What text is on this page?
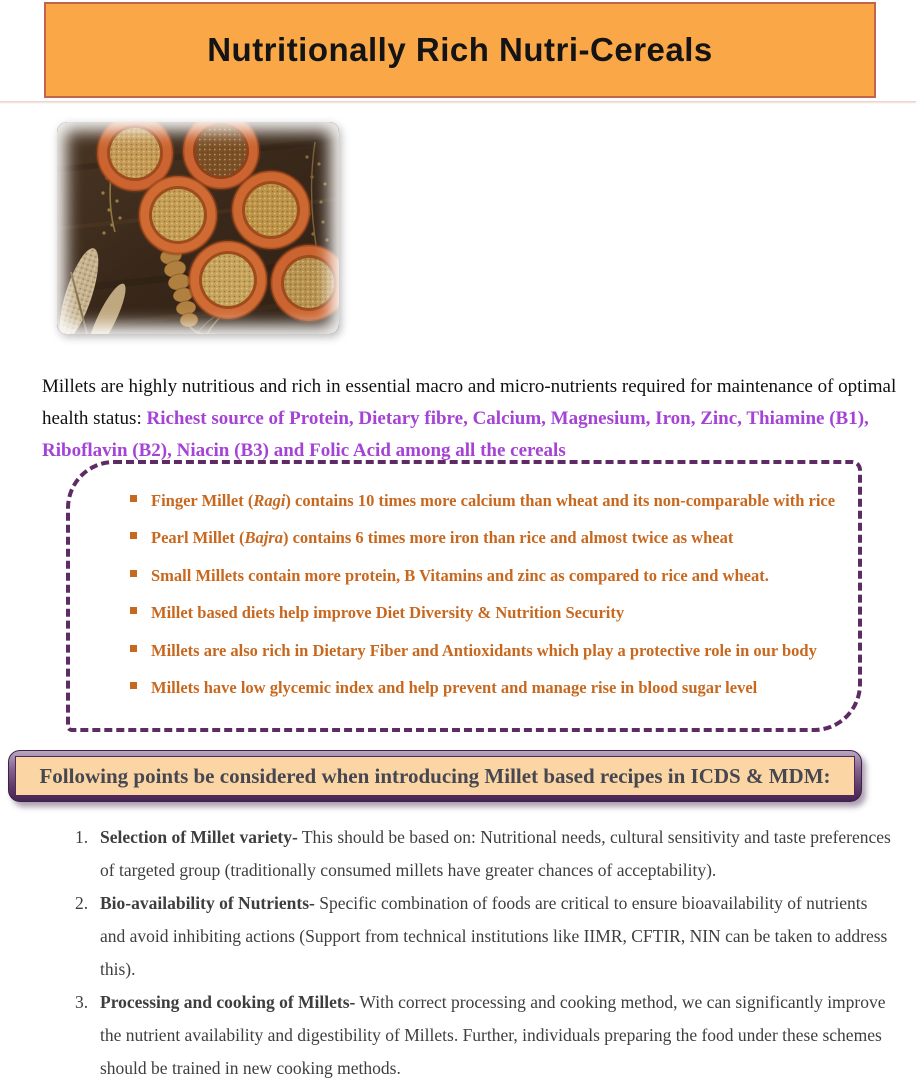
Nutritionally Rich Nutri-Cereals

Millets are highly nutritious and rich in essential macro and micro-nutrients required for maintenance of optimal health status: Richest source of Protein, Dietary fibre, Calcium, Magnesium, Iron, Zinc, Thiamine (B1), Riboflavin (B2), Niacin (B3) and Folic Acid among all the cereals

Finger Millet (Ragi) contains 10 times more calcium than wheat and its non-comparable with rice
Pearl Millet (Bajra) contains 6 times more iron than rice and almost twice as wheat
Small Millets contain more protein, B Vitamins and zinc as compared to rice and wheat.
Millet based diets help improve Diet Diversity & Nutrition Security
Millets are also rich in Dietary Fiber and Antioxidants which play a protective role in our body
Millets have low glycemic index and help prevent and manage rise in blood sugar level
Following points be considered when introducing Millet based recipes in ICDS & MDM:
1. Selection of Millet variety- This should be based on: Nutritional needs, cultural sensitivity and taste preferences of targeted group (traditionally consumed millets have greater chances of acceptability).
2. Bio-availability of Nutrients- Specific combination of foods are critical to ensure bioavailability of nutrients and avoid inhibiting actions (Support from technical institutions like IIMR, CFTIR, NIN can be taken to address this).
3. Processing and cooking of Millets- With correct processing and cooking method, we can significantly improve the nutrient availability and digestibility of Millets. Further, individuals preparing the food under these schemes should be trained in new cooking methods.
